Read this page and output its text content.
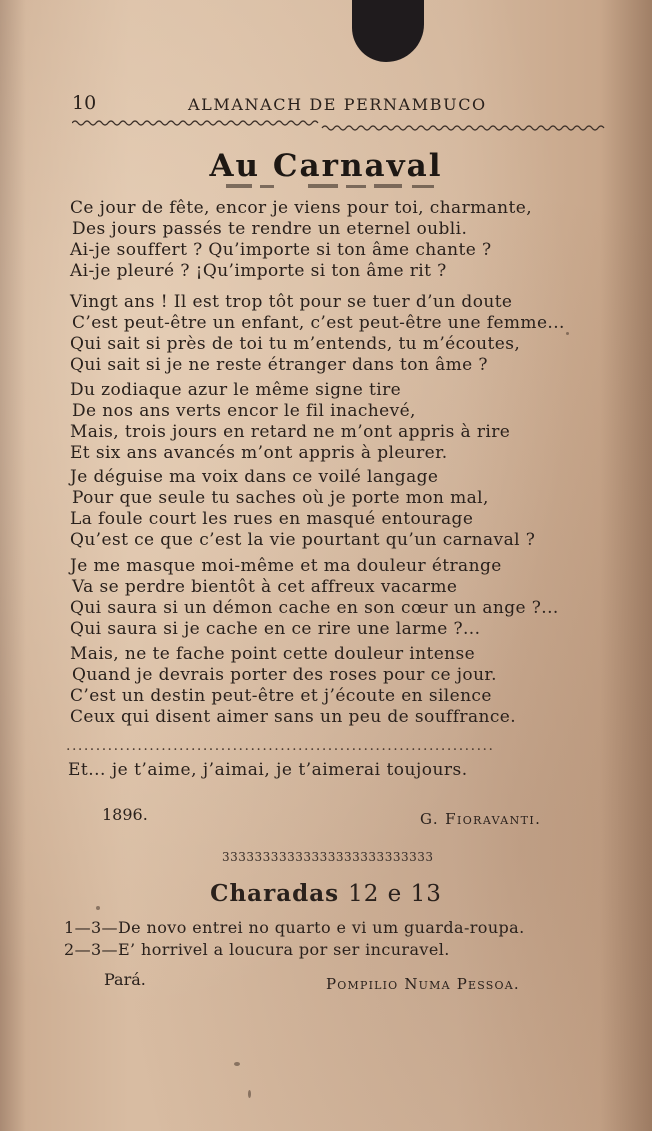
10	ALMANACH DE PERNAMBUCO
Au Carnaval
Ce jour de fête, encor je viens pour toi, charmante,
Des jours passés te rendre un eternel oubli.
Ai-je souffert ? Qu’importe si ton âme chante ?
Ai-je pleuré ? ¡Qu’importe si ton âme rit ?
Vingt ans ! Il est trop tôt pour se tuer d’un doute
C’est peut-être un enfant, c’est peut-être une femme...
Qui sait si près de toi tu m’entends, tu m’écoutes,
Qui sait si je ne reste étranger dans ton âme ?
Du zodiaque azur le même signe tire
De nos ans verts encor le fil inachevé,
Mais, trois jours en retard ne m’ont appris à rire
Et six ans avancés m’ont appris à pleurer.
Je déguise ma voix dans ce voilé langage
Pour que seule tu saches où je porte mon mal,
La foule court les rues en masqué entourage
Qu’est ce que c’est la vie pourtant qu’un carnaval ?
Je me masque moi-même et ma douleur étrange
Va se perdre bientôt à cet affreux vacarme
Qui saura si un démon cache en son cœur un ange ?...
Qui saura si je cache en ce rire une larme ?...
Mais, ne te fache point cette douleur intense
Quand je devrais porter des roses pour ce jour.
C’est un destin peut-être et j’écoute en silence
Ceux qui disent aimer sans un peu de souffrance.
........................................................................
Et... je t’aime, j’aimai, je t’aimerai toujours.
1896.	G. Fioravanti.
33333333333333333333333333
Charadas 12 e 13
1—3—De novo entrei no quarto e vi um guarda-roupa.
2—3—E’ horrivel a loucura por ser incuravel.
Pará.	Pompilio Numa Pessoa.
